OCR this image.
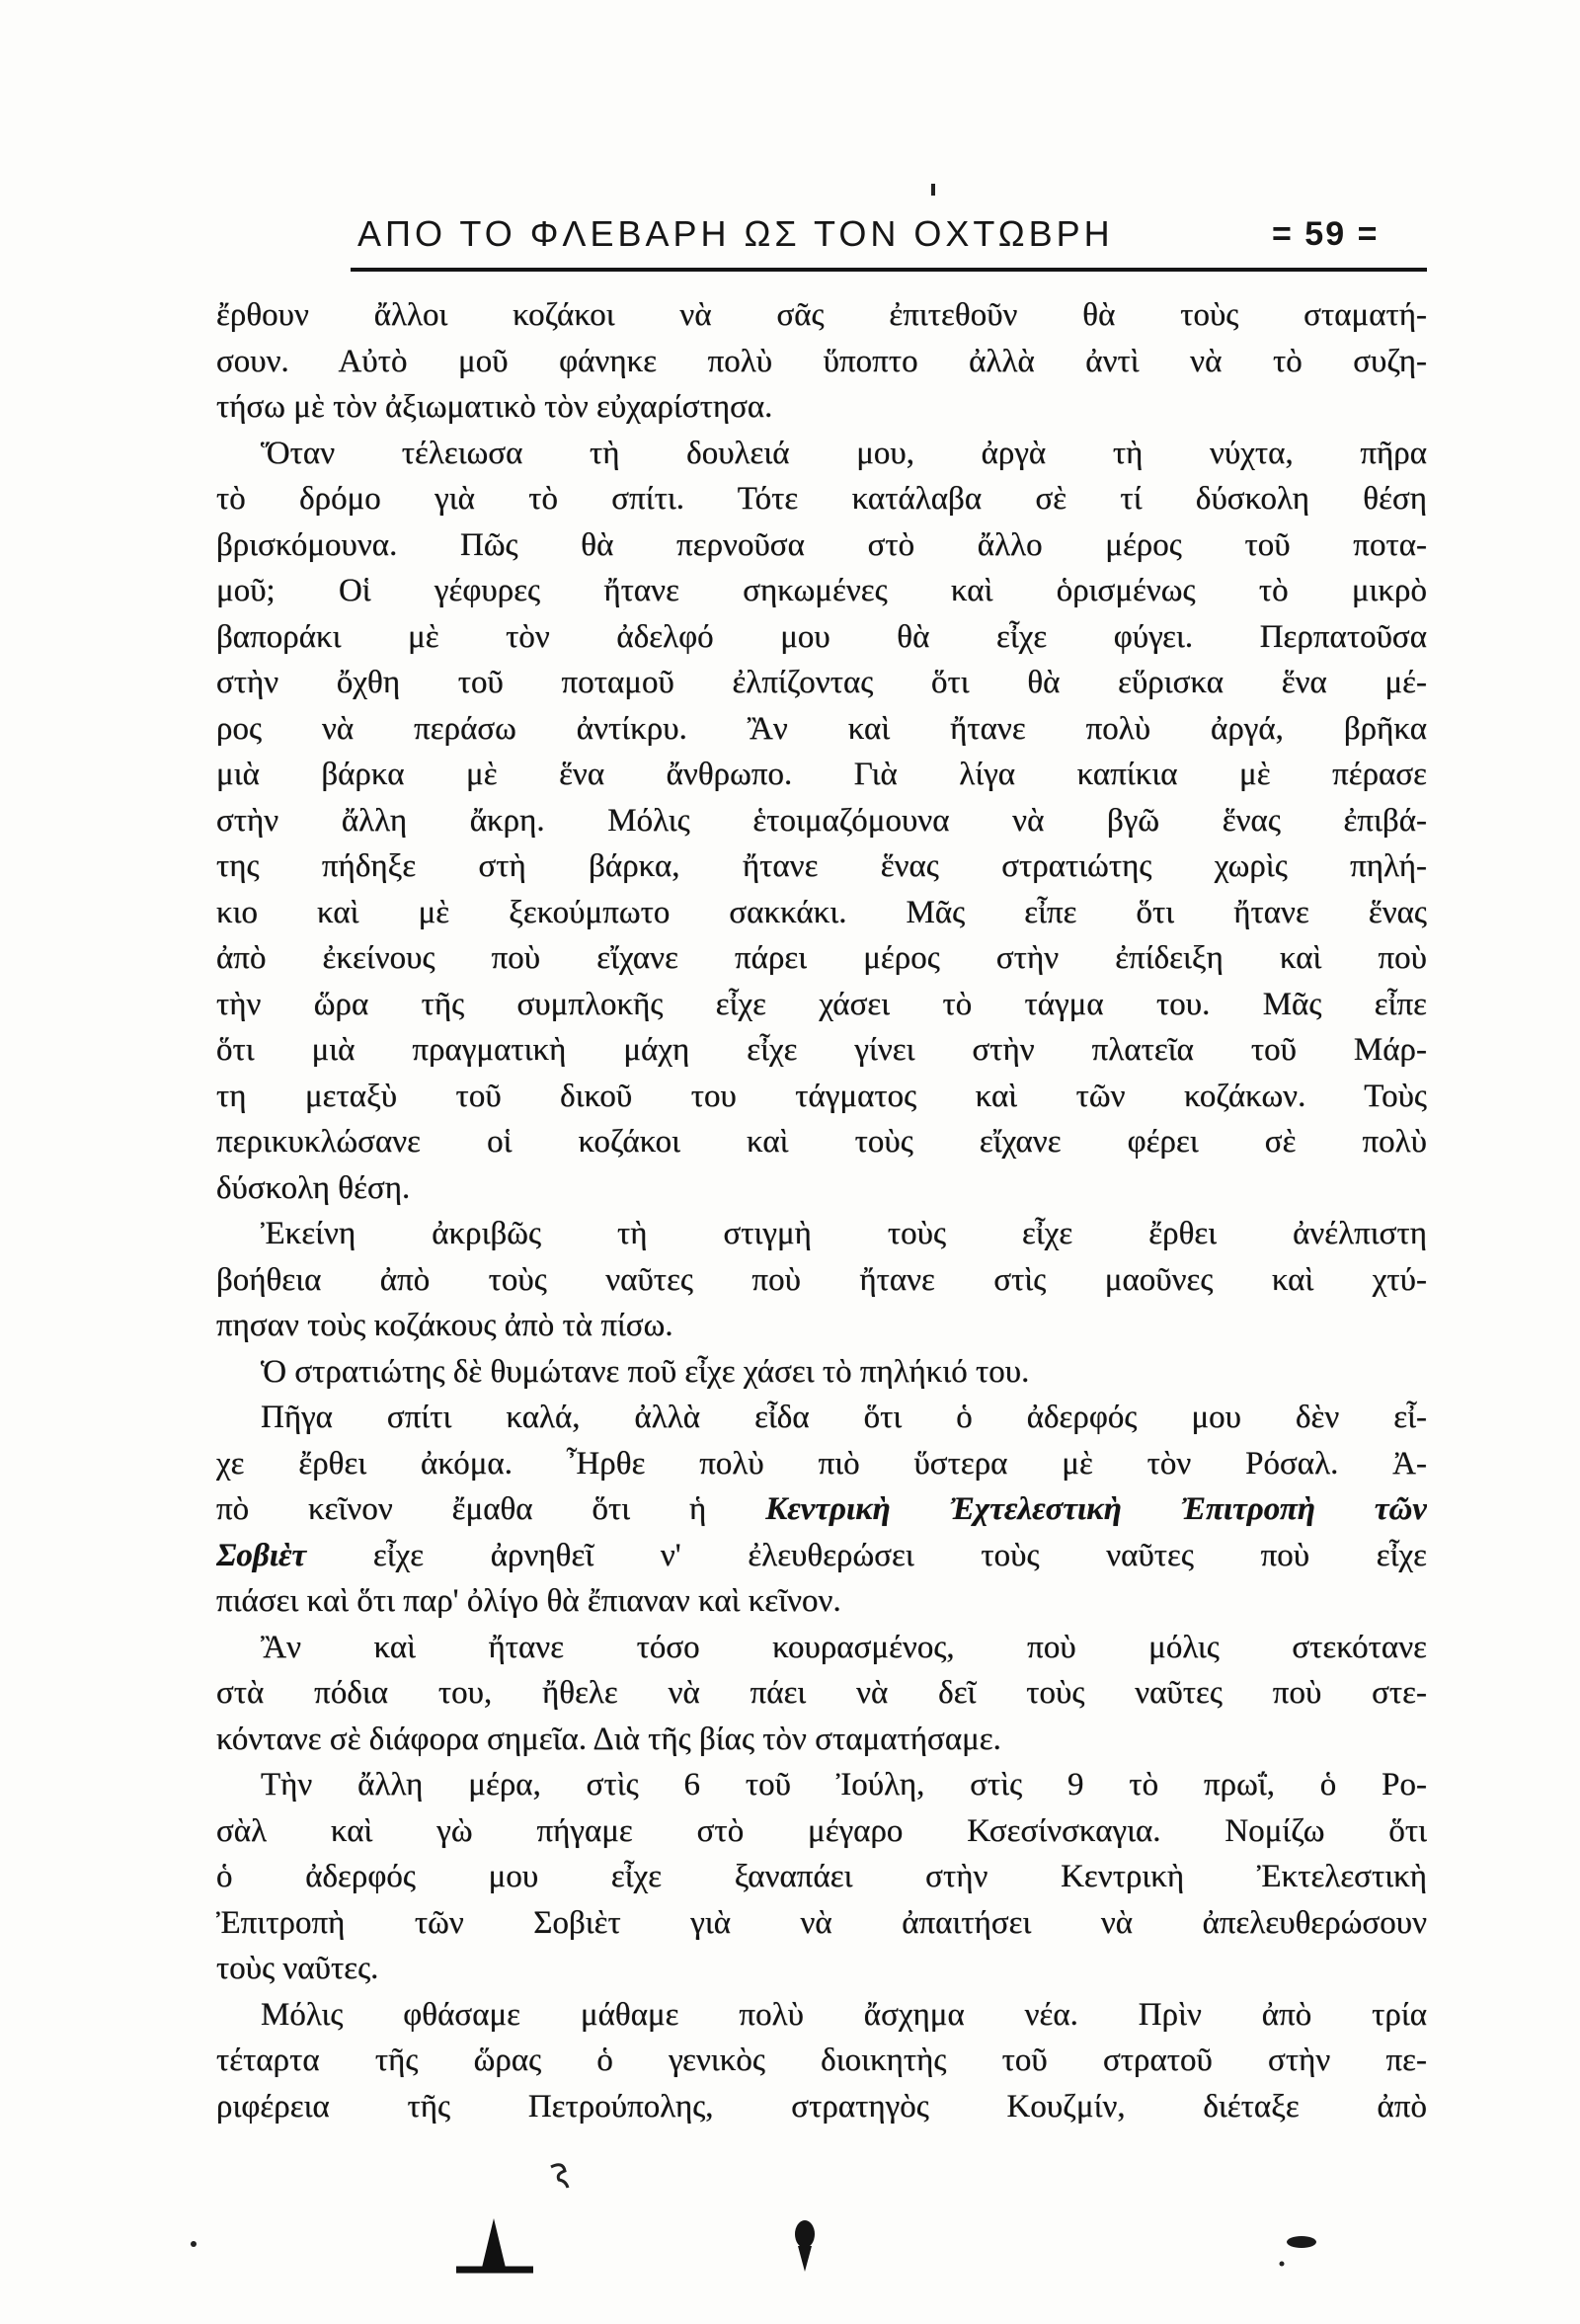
ΑΠΟ ΤΟ ΦΛΕΒΑΡΗ ΩΣ ΤΟΝ ΟΧΤΩΒΡΗ	= 59 =
ἔρθουν ἄλλοι κοζάκοι νὰ σᾶς ἐπιτεθοῦν θὰ τοὺς σταματή-
σουν. Αὐτὸ μοῦ φάνηκε πολὺ ὕποπτο ἀλλὰ ἀντὶ νὰ τὸ συζη-
τήσω μὲ τὸν ἀξιωματικὸ τὸν εὐχαρίστησα.
Ὅταν τέλειωσα τὴ δουλειά μου, ἀργὰ τὴ νύχτα, πῆρα
τὸ δρόμο γιὰ τὸ σπίτι. Τότε κατάλαβα σὲ τί δύσκολη θέση
βρισκόμουνα. Πῶς θὰ περνοῦσα στὸ ἄλλο μέρος τοῦ ποτα-
μοῦ; Οἱ γέφυρες ἤτανε σηκωμένες καὶ ὁρισμένως τὸ μικρὸ
βαποράκι μὲ τὸν ἀδελφό μου θὰ εἶχε φύγει. Περπατοῦσα
στὴν ὄχθη τοῦ ποταμοῦ ἐλπίζοντας ὅτι θὰ εὕρισκα ἕνα μέ-
ρος νὰ περάσω ἀντίκρυ. Ἂν καὶ ἤτανε πολὺ ἀργά, βρῆκα
μιὰ βάρκα μὲ ἕνα ἄνθρωπο. Γιὰ λίγα καπίκια μὲ πέρασε
στὴν ἄλλη ἄκρη. Μόλις ἑτοιμαζόμουνα νὰ βγῶ ἕνας ἐπιβά-
της πήδηξε στὴ βάρκα, ἤτανε ἕνας στρατιώτης χωρὶς πηλή-
κιο καὶ μὲ ξεκούμπωτο σακκάκι. Μᾶς εἶπε ὅτι ἤτανε ἕνας
ἀπὸ ἐκείνους ποὺ εἴχανε πάρει μέρος στὴν ἐπίδειξη καὶ ποὺ
τὴν ὥρα τῆς συμπλοκῆς εἶχε χάσει τὸ τάγμα του. Μᾶς εἶπε
ὅτι μιὰ πραγματικὴ μάχη εἶχε γίνει στὴν πλατεῖα τοῦ Μάρ-
τη μεταξὺ τοῦ δικοῦ του τάγματος καὶ τῶν κοζάκων. Τοὺς
περικυκλώσανε οἱ κοζάκοι καὶ τοὺς εἴχανε φέρει σὲ πολὺ
δύσκολη θέση.
Ἐκείνη ἀκριβῶς τὴ στιγμὴ τοὺς εἶχε ἔρθει ἀνέλπιστη
βοήθεια ἀπὸ τοὺς ναῦτες ποὺ ἤτανε στὶς μαοῦνες καὶ χτύ-
πησαν τοὺς κοζάκους ἀπὸ τὰ πίσω.
Ὁ στρατιώτης δὲ θυμώτανε ποῦ εἶχε χάσει τὸ πηλήκιό του.
Πῆγα σπίτι καλά, ἀλλὰ εἶδα ὅτι ὁ ἀδερφός μου δὲν εἶ-
χε ἔρθει ἀκόμα. Ἦρθε πολὺ πιὸ ὕστερα μὲ τὸν Ρόσαλ. Ἀ-
πὸ κεῖνον ἔμαθα ὅτι ἡ Κεντρικὴ Ἐχτελεστικὴ Ἐπιτροπὴ τῶν
Σοβιὲτ εἶχε ἀρνηθεῖ ν' ἐλευθερώσει τοὺς ναῦτες ποὺ εἶχε
πιάσει καὶ ὅτι παρ' ὀλίγο θὰ ἔπιαναν καὶ κεῖνον.
Ἂν καὶ ἤτανε τόσο κουρασμένος, ποὺ μόλις στεκότανε
στὰ πόδια του, ἤθελε νὰ πάει νὰ δεῖ τοὺς ναῦτες ποὺ στε-
κόντανε σὲ διάφορα σημεῖα. Διὰ τῆς βίας τὸν σταματήσαμε.
Τὴν ἄλλη μέρα, στὶς 6 τοῦ Ἰούλη, στὶς 9 τὸ πρωΐ, ὁ Ρο-
σὰλ καὶ γὼ πήγαμε στὸ μέγαρο Κσεσίνσκαγια. Νομίζω ὅτι
ὁ ἀδερφός μου εἶχε ξαναπάει στὴν Κεντρικὴ Ἐκτελεστικὴ
Ἐπιτροπὴ τῶν Σοβιὲτ γιὰ νὰ ἀπαιτήσει νὰ ἀπελευθερώσουν
τοὺς ναῦτες.
Μόλις φθάσαμε μάθαμε πολὺ ἄσχημα νέα. Πρὶν ἀπὸ τρία
τέταρτα τῆς ὥρας ὁ γενικὸς διοικητὴς τοῦ στρατοῦ στὴν πε-
ριφέρεια τῆς Πετρούπολης, στρατηγὸς Κουζμίν, διέταξε ἀπὸ
